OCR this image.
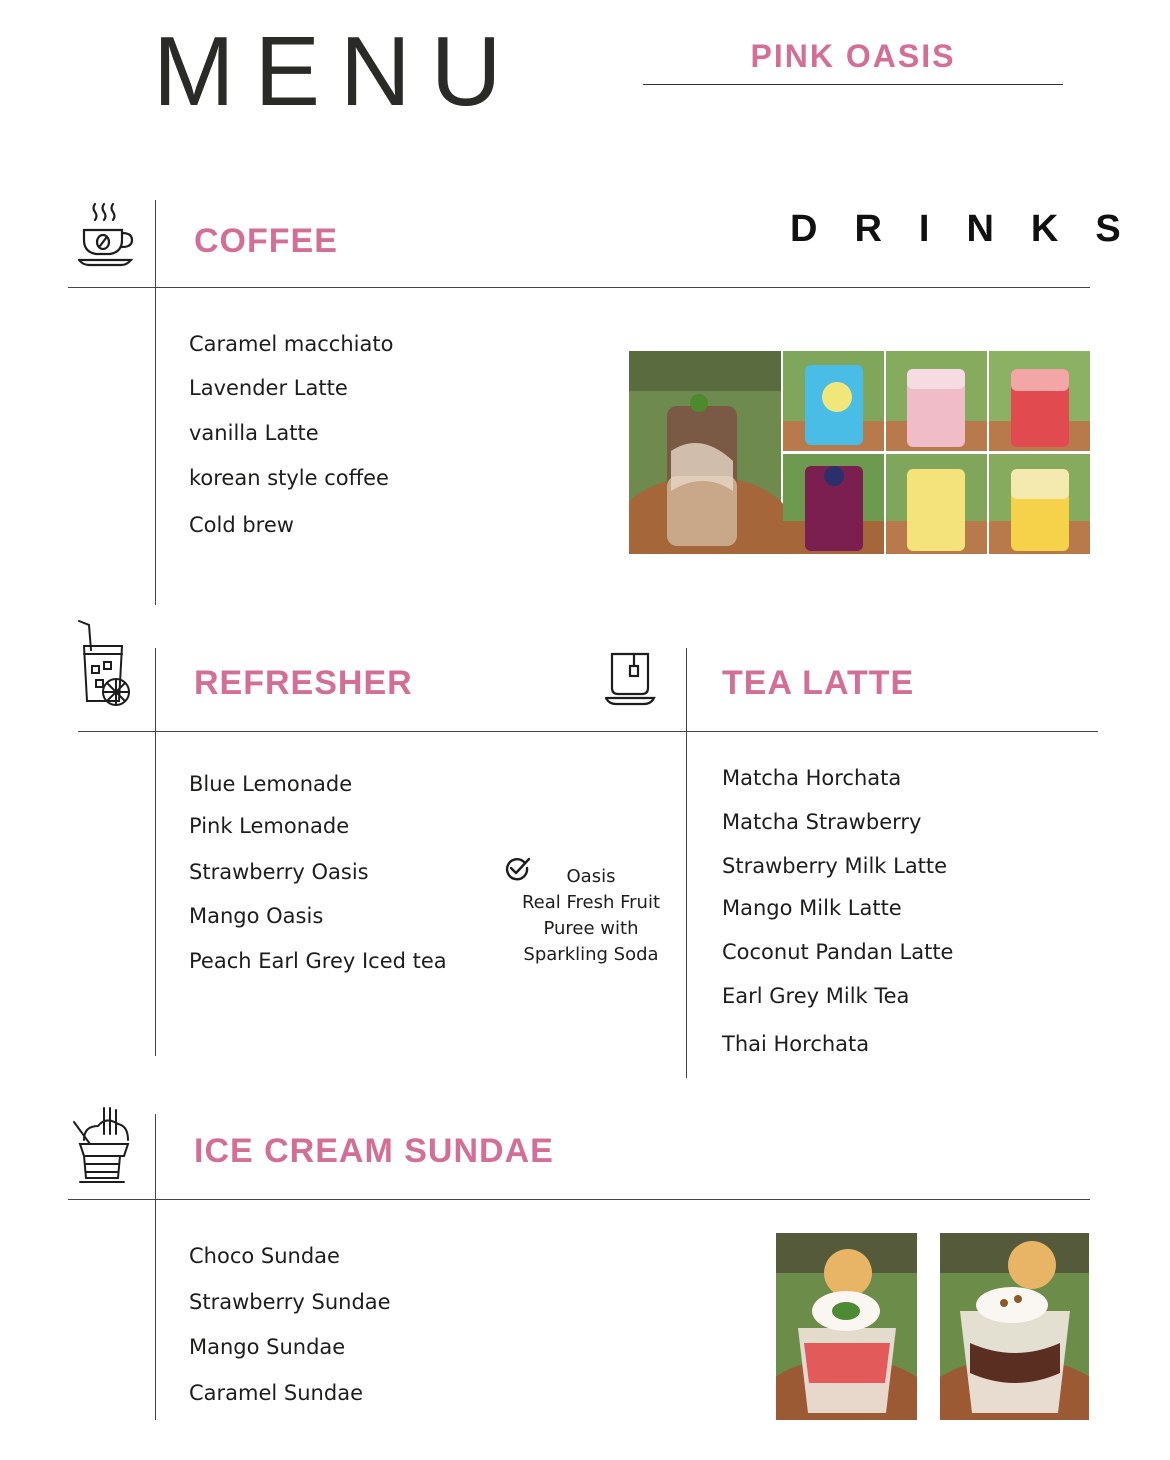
MENU	PINK OASIS
DRINKS
COFFEE
Caramel macchiato
Lavender Latte
vanilla Latte
korean style coffee
Cold brew
REFRESHER	TEA LATTE
Blue Lemonade
Pink Lemonade
Strawberry Oasis
Mango Oasis
Peach Earl Grey Iced tea
Oasis
Real Fresh Fruit
Puree with
Sparkling Soda
Matcha Horchata
Matcha Strawberry
Strawberry Milk Latte
Mango Milk Latte
Coconut Pandan Latte
Earl Grey Milk Tea
Thai Horchata
ICE CREAM SUNDAE
Choco Sundae
Strawberry Sundae
Mango Sundae
Caramel Sundae
